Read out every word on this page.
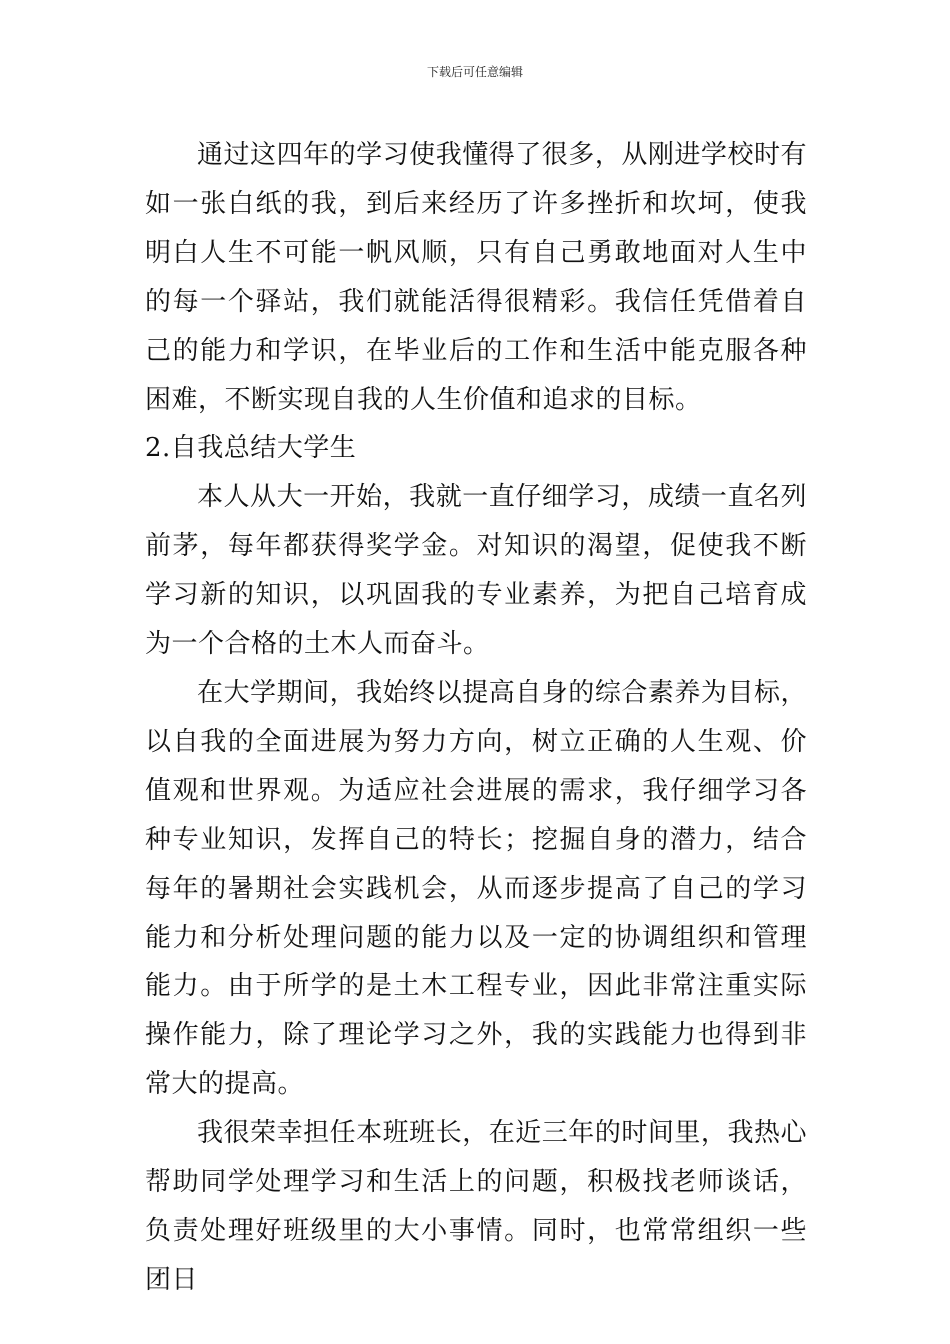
下载后可任意编辑

通过这四年的学习使我懂得了很多，从刚进学校时有如一张白纸的我，到后来经历了许多挫折和坎坷，使我明白人生不可能一帆风顺，只有自己勇敢地面对人生中的每一个驿站，我们就能活得很精彩。我信任凭借着自己的能力和学识，在毕业后的工作和生活中能克服各种困难，不断实现自我的人生价值和追求的目标。

2.自我总结大学生

本人从大一开始，我就一直仔细学习，成绩一直名列前茅，每年都获得奖学金。对知识的渴望，促使我不断学习新的知识，以巩固我的专业素养，为把自己培育成为一个合格的土木人而奋斗。

在大学期间，我始终以提高自身的综合素养为目标，以自我的全面进展为努力方向，树立正确的人生观、价值观和世界观。为适应社会进展的需求，我仔细学习各种专业知识，发挥自己的特长；挖掘自身的潜力，结合每年的暑期社会实践机会，从而逐步提高了自己的学习能力和分析处理问题的能力以及一定的协调组织和管理能力。由于所学的是土木工程专业，因此非常注重实际操作能力，除了理论学习之外，我的实践能力也得到非常大的提高。

我很荣幸担任本班班长，在近三年的时间里，我热心帮助同学处理学习和生活上的问题，积极找老师谈话，负责处理好班级里的大小事情。同时，也常常组织一些团日
